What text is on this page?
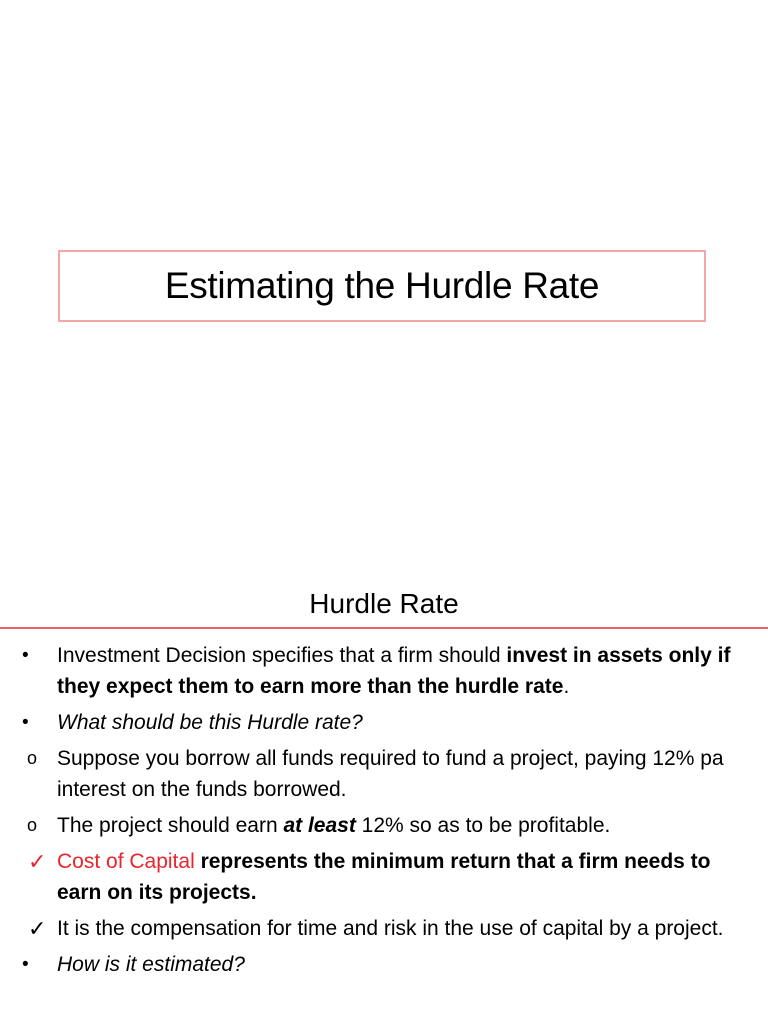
Estimating the Hurdle Rate
Hurdle Rate
•	Investment Decision specifies that a firm should invest in assets only if they expect them to earn more than the hurdle rate.
•	What should be this Hurdle rate?
o Suppose you borrow all funds required to fund a project, paying 12% pa interest on the funds borrowed.
o The project should earn at least 12% so as to be profitable.
✓ Cost of Capital represents the minimum return that a firm needs to earn on its projects.
✓ It is the compensation for time and risk in the use of capital by a project.
•	How is it estimated?
